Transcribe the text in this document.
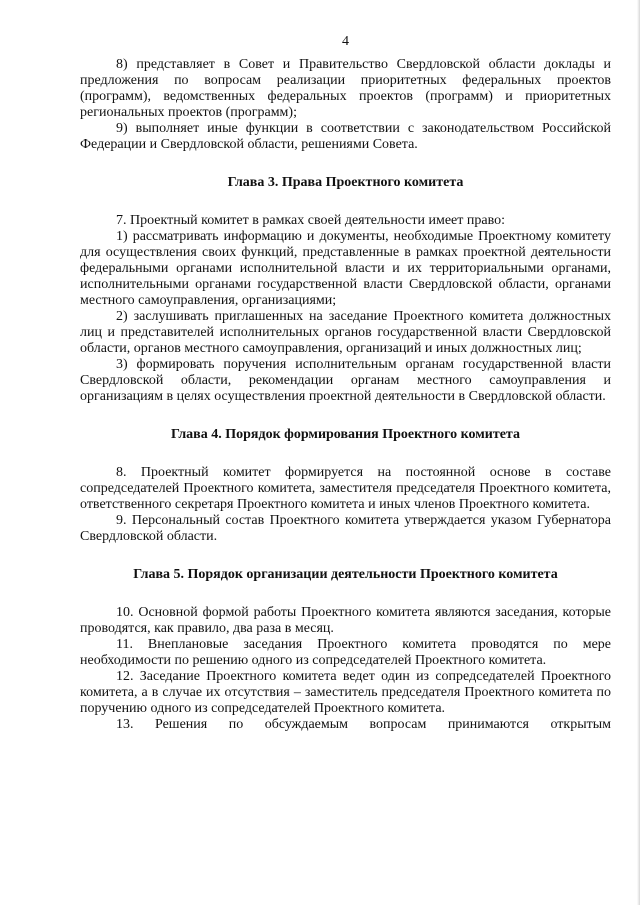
4

8) представляет в Совет и Правительство Свердловской области доклады и предложения по вопросам реализации приоритетных федеральных проектов (программ), ведомственных федеральных проектов (программ) и приоритетных региональных проектов (программ);

9) выполняет иные функции в соответствии с законодательством Российской Федерации и Свердловской области, решениями Совета.

Глава 3. Права Проектного комитета

7. Проектный комитет в рамках своей деятельности имеет право:

1) рассматривать информацию и документы, необходимые Проектному комитету для осуществления своих функций, представленные в рамках проектной деятельности федеральными органами исполнительной власти и их территориальными органами, исполнительными органами государственной власти Свердловской области, органами местного самоуправления, организациями;

2) заслушивать приглашенных на заседание Проектного комитета должностных лиц и представителей исполнительных органов государственной власти Свердловской области, органов местного самоуправления, организаций и иных должностных лиц;

3) формировать поручения исполнительным органам государственной власти Свердловской области, рекомендации органам местного самоуправления и организациям в целях осуществления проектной деятельности в Свердловской области.

Глава 4. Порядок формирования Проектного комитета

8. Проектный комитет формируется на постоянной основе в составе сопредседателей Проектного комитета, заместителя председателя Проектного комитета, ответственного секретаря Проектного комитета и иных членов Проектного комитета.

9. Персональный состав Проектного комитета утверждается указом Губернатора Свердловской области.

Глава 5. Порядок организации деятельности Проектного комитета

10. Основной формой работы Проектного комитета являются заседания, которые проводятся, как правило, два раза в месяц.

11. Внеплановые заседания Проектного комитета проводятся по мере необходимости по решению одного из сопредседателей Проектного комитета.

12. Заседание Проектного комитета ведет один из сопредседателей Проектного комитета, а в случае их отсутствия – заместитель председателя Проектного комитета по поручению одного из сопредседателей Проектного комитета.

13. Решения по обсуждаемым вопросам принимаются открытым
